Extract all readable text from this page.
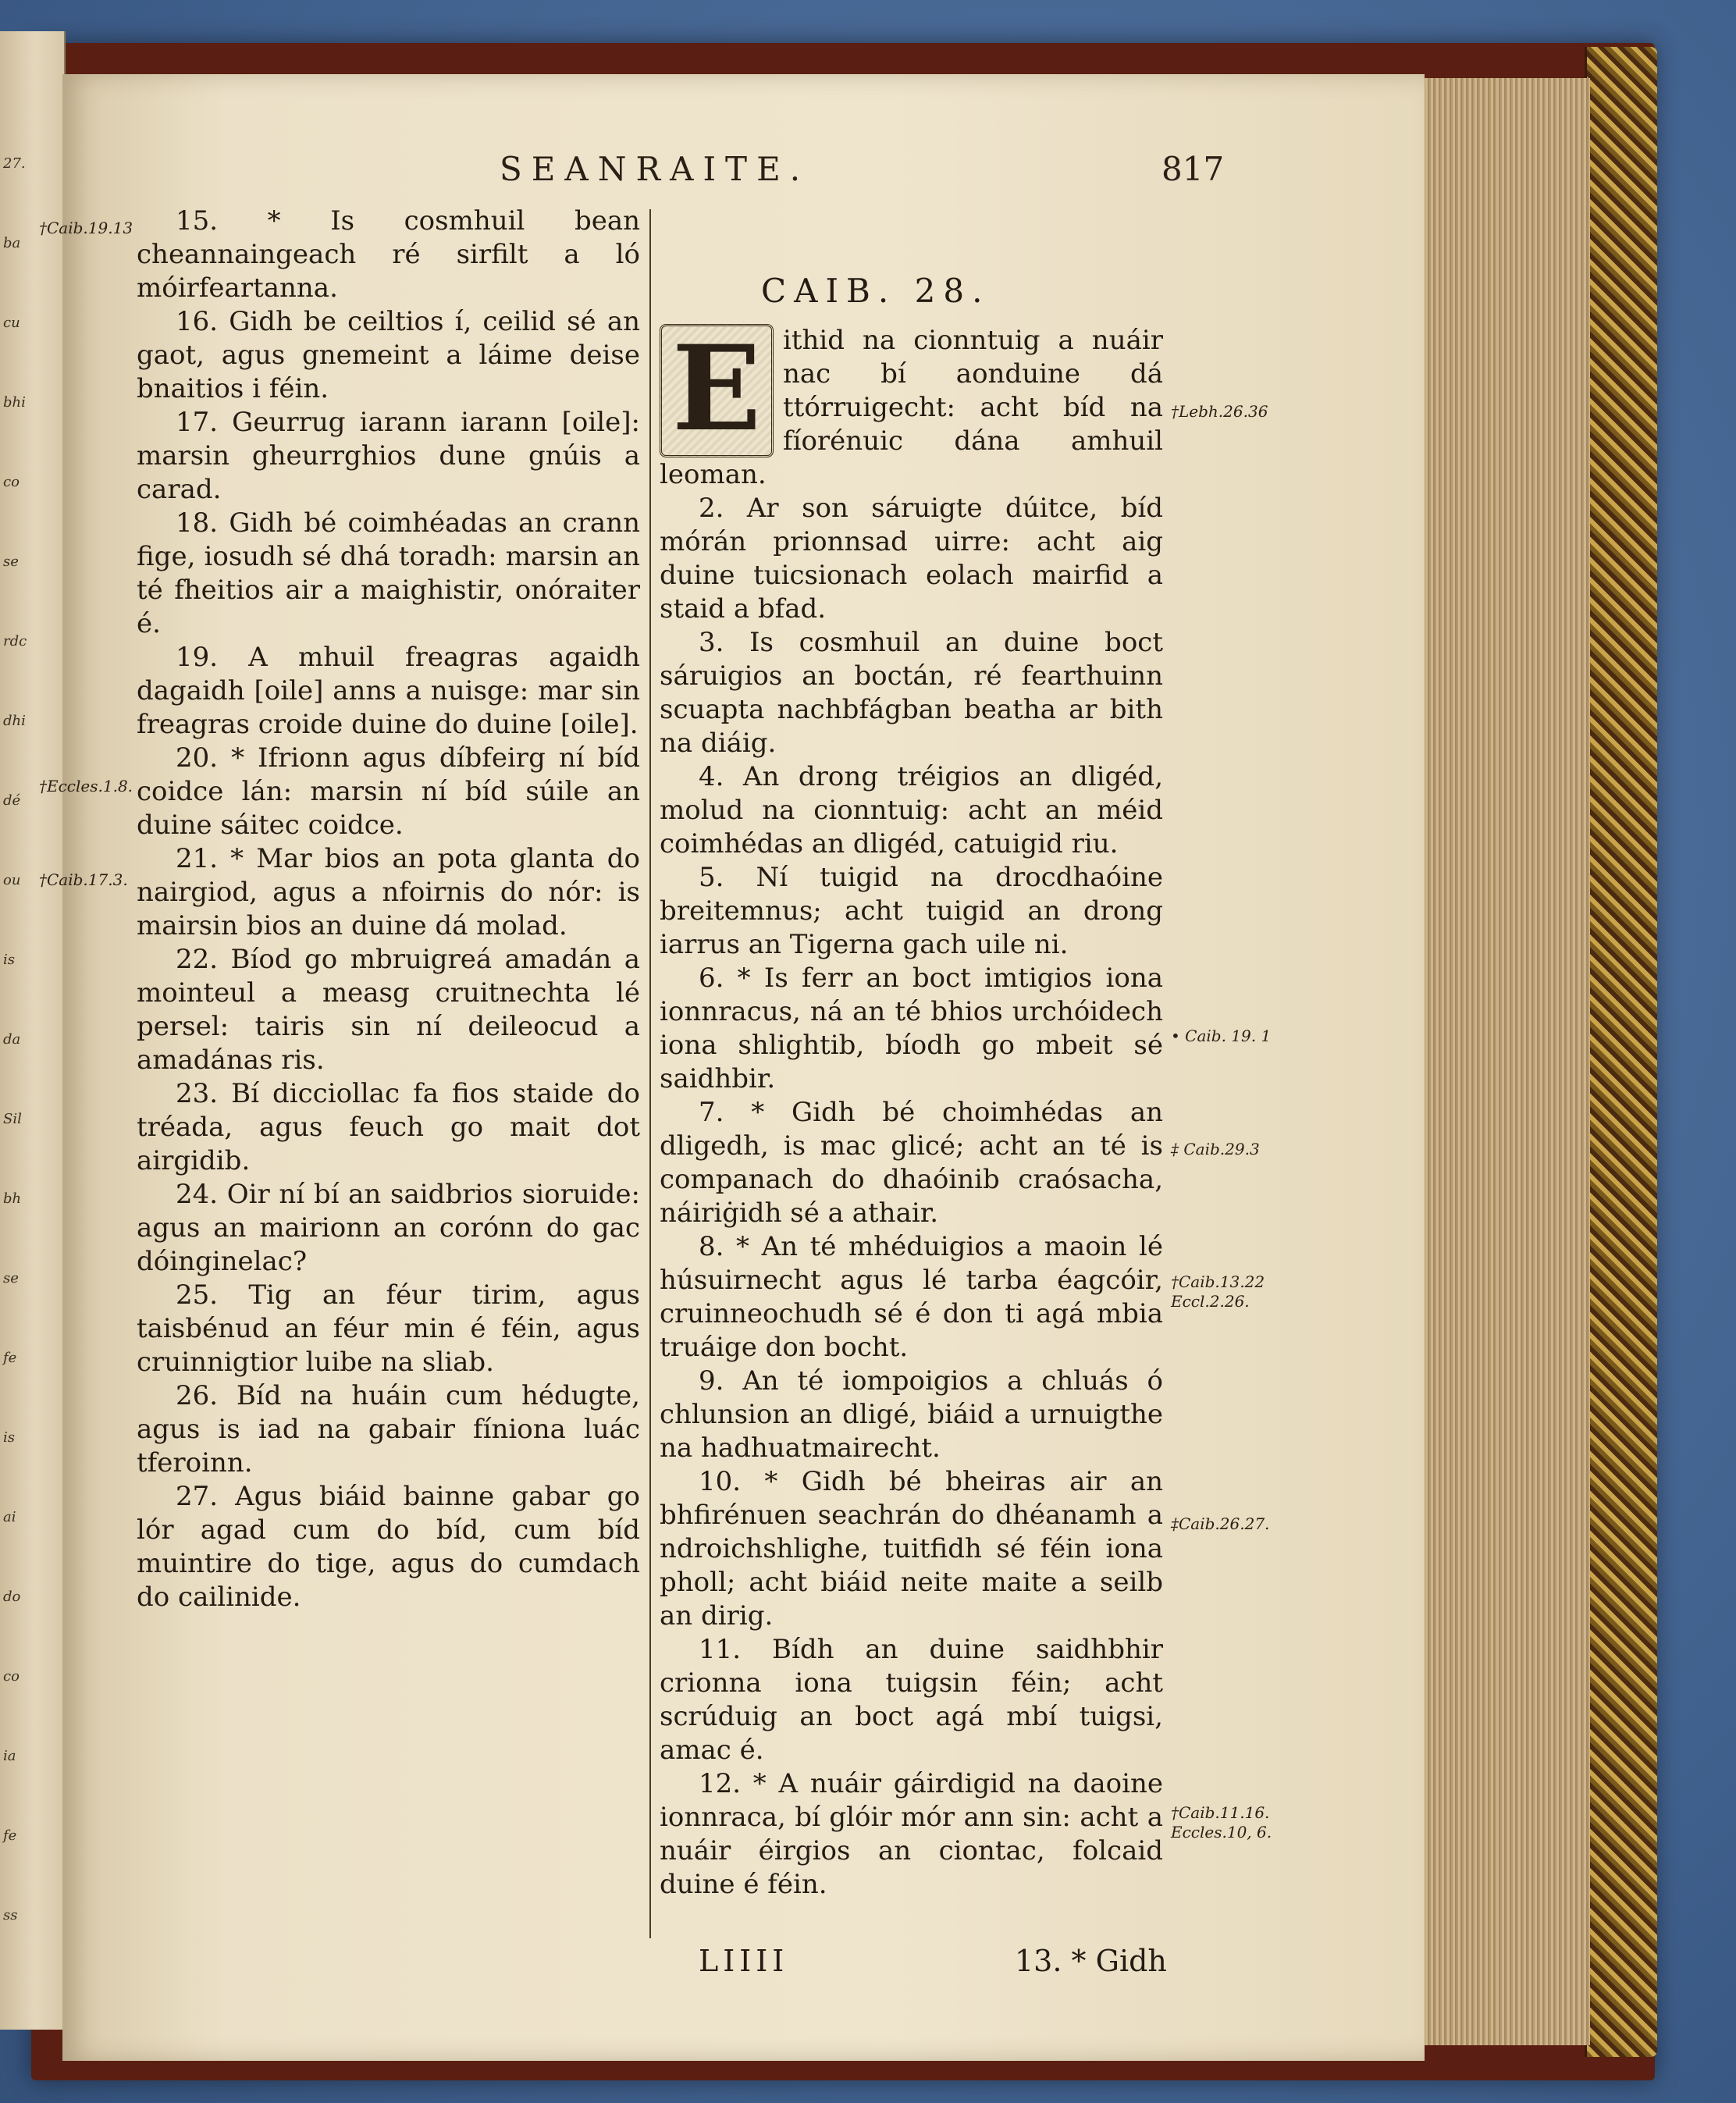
27.
ba
cu
bhi
co
se
rdc
dhi
dé
ou
is
da
Sil
bh
se
fe
is
ai
do
co
ia
fe
ss
SEANRAITE.	817

15. * Is cosmhuil bean cheannaingeach ré sirfilt a ló móirfeartanna.

16. Gidh be ceiltios í, ceilid sé an gaot, agus gnemeint a láime deise bnaitios i féin.

17. Geurrug iarann iarann [oile]: marsin gheurrghios dune gnúis a carad.

18. Gidh bé coimhéadas an crann fige, iosudh sé dhá toradh: marsin an té fheitios air a maighistir, onóraiter é.

19. A mhuil freagras agaidh dagaidh [oile] anns a nuisge: mar sin freagras croide duine do duine [oile].

20. * Ifrionn agus díbfeirg ní bíd coidce lán: marsin ní bíd súile an duine sáitec coidce.

21. * Mar bios an pota glanta do nairgiod, agus a nfoirnis do nór: is mairsin bios an duine dá molad.

22. Bíod go mbruigreá amadán a mointeul a measg cruitnechta lé persel: tairis sin ní deileocud a amadánas ris.

23. Bí dicciollac fa fios staide do tréada, agus feuch go mait dot airgidib.

24. Oir ní bí an saidbrios sioruide: agus an mairionn an corónn do gac dóinginelac?

25. Tig an féur tirim, agus taisbénud an féur min é féin, agus cruinnigtior luibe na sliab.

26. Bíd na huáin cum hédugte, agus is iad na gabair fíniona luác tferoinn.

27. Agus biáid bainne gabar go lór agad cum do bíd, cum bíd muintire do tige, agus do cumdach do cailinide.

CAIB. 28.

E ithid na cionntuig a nuáir nac bí aonduine dá ttórruigecht: acht bíd na fíorénuic dána amhuil leoman.

2. Ar son sáruigte dúitce, bíd mórán prionnsad uirre: acht aig duine tuicsionach eolach mairfid a staid a bfad.

3. Is cosmhuil an duine boct sáruigios an boctán, ré fearthuinn scuapta nachbfágban beatha ar bith na diáig.

4. An drong tréigios an dligéd, molud na cionntuig: acht an méid coimhédas an dligéd, catuigid riu.

5. Ní tuigid na drocdhaóine breitemnus; acht tuigid an drong iarrus an Tigerna gach uile ni.

6. * Is ferr an boct imtigios iona ionnracus, ná an té bhios urchóidech iona shlightib, bíodh go mbeit sé saidhbir.

7. * Gidh bé choimhédas an dligedh, is mac glicé; acht an té is companach do dhaóinib craósacha, náiriġidh sé a athair.

8. * An té mhéduigios a maoin lé húsuirnecht agus lé tarba éagcóir, cruinneochudh sé é don ti agá mbia truáige don bocht.

9. An té iompoigios a chluás ó chlunsion an dligé, biáid a urnuigthe na hadhuatmairecht.

10. * Gidh bé bheiras air an bhfirénuen seachrán do dhéanamh a ndroichshlighe, tuitfidh sé féin iona pholl; acht biáid neite maite a seilb an dirig.

11. Bídh an duine saidhbhir crionna iona tuigsin féin; acht scrúduig an boct agá mbí tuigsi, amac é.

12. * A nuáir gáirdigid na daoine ionnraca, bí glóir mór ann sin: acht a nuáir éirgios an ciontac, folcaid duine é féin.

†Caib.19.13
†Eccles.1.8.
†Caib.17.3.
†Lebh.26.36
• Caib. 19. 1
‡ Caib.29.3
†Caib.13.22
Eccl.2.26.
‡Caib.26.27.
†Caib.11.16.
Eccles.10, 6.
LIIII	13. * Gidh
